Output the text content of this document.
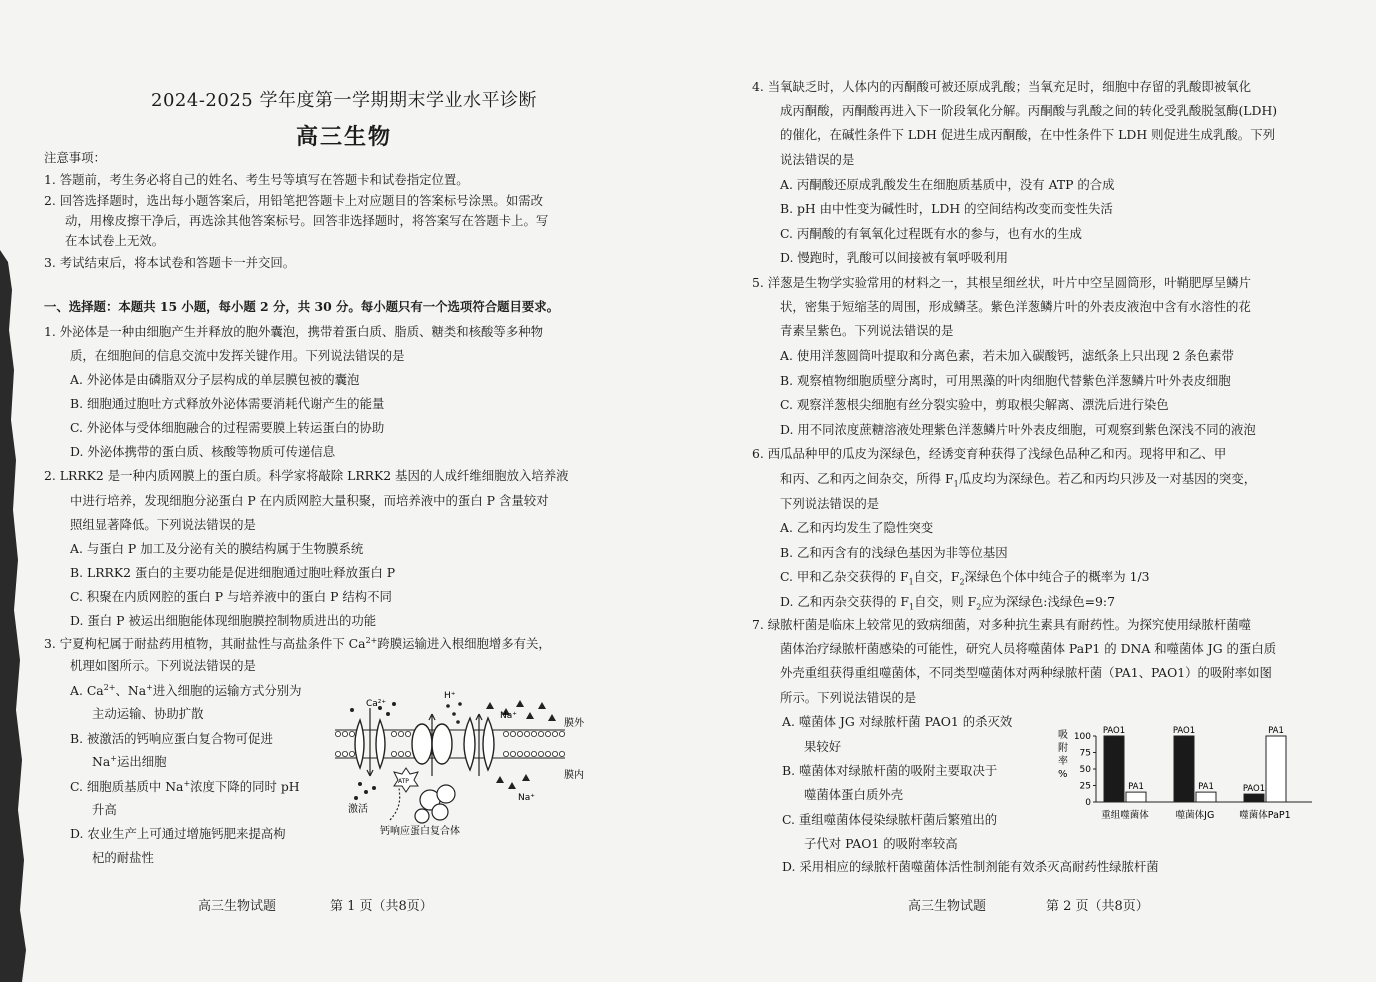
2024-2025 学年度第一学期期末学业水平诊断
高三生物
注意事项：
1. 答题前，考生务必将自己的姓名、考生号等填写在答题卡和试卷指定位置。
2. 回答选择题时，选出每小题答案后，用铅笔把答题卡上对应题目的答案标号涂黑。如需改
动，用橡皮擦干净后，再选涂其他答案标号。回答非选择题时，将答案写在答题卡上。写
在本试卷上无效。
3. 考试结束后，将本试卷和答题卡一并交回。
一、选择题：本题共 15 小题，每小题 2 分，共 30 分。每小题只有一个选项符合题目要求。
1. 外泌体是一种由细胞产生并释放的胞外囊泡，携带着蛋白质、脂质、糖类和核酸等多种物
质，在细胞间的信息交流中发挥关键作用。下列说法错误的是
A. 外泌体是由磷脂双分子层构成的单层膜包被的囊泡
B. 细胞通过胞吐方式释放外泌体需要消耗代谢产生的能量
C. 外泌体与受体细胞融合的过程需要膜上转运蛋白的协助
D. 外泌体携带的蛋白质、核酸等物质可传递信息
2. LRRK2 是一种内质网膜上的蛋白质。科学家将敲除 LRRK2 基因的人成纤维细胞放入培养液
中进行培养，发现细胞分泌蛋白 P 在内质网腔大量积聚，而培养液中的蛋白 P 含量较对
照组显著降低。下列说法错误的是
A. 与蛋白 P 加工及分泌有关的膜结构属于生物膜系统
B. LRRK2 蛋白的主要功能是促进细胞通过胞吐释放蛋白 P
C. 积聚在内质网腔的蛋白 P 与培养液中的蛋白 P 结构不同
D. 蛋白 P 被运出细胞能体现细胞膜控制物质进出的功能
3. 宁夏枸杞属于耐盐药用植物，其耐盐性与高盐条件下 $Ca^{2+}$跨膜运输进入根细胞增多有关，
机理如图所示。下列说法错误的是
A. $Ca^{2+}$、Na+进入细胞的运输方式分别为
主动运输、协助扩散
B. 被激活的钙响应蛋白复合物可促进
Na+运出细胞
C. 细胞质基质中 Na+浓度下降的同时 pH
升高
D. 农业生产上可通过增施钙肥来提高枸
杞的耐盐性
Ca²⁺
H⁺
Na⁺
膜外
膜内
ATP
Na⁺
激活
钙响应蛋白复合体
高三生物试题	第 1 页（共8页）
4. 当氧缺乏时，人体内的丙酮酸可被还原成乳酸；当氧充足时，细胞中存留的乳酸即被氧化
成丙酮酸，丙酮酸再进入下一阶段氧化分解。丙酮酸与乳酸之间的转化受乳酸脱氢酶(LDH)
的催化，在碱性条件下 LDH 促进生成丙酮酸，在中性条件下 LDH 则促进生成乳酸。下列
说法错误的是
A. 丙酮酸还原成乳酸发生在细胞质基质中，没有 ATP 的合成
B. pH 由中性变为碱性时，LDH 的空间结构改变而变性失活
C. 丙酮酸的有氧氧化过程既有水的参与，也有水的生成
D. 慢跑时，乳酸可以间接被有氧呼吸利用
5. 洋葱是生物学实验常用的材料之一，其根呈细丝状，叶片中空呈圆筒形，叶鞘肥厚呈鳞片
状，密集于短缩茎的周围，形成鳞茎。紫色洋葱鳞片叶的外表皮液泡中含有水溶性的花
青素呈紫色。下列说法错误的是
A. 使用洋葱圆筒叶提取和分离色素，若未加入碳酸钙，滤纸条上只出现 2 条色素带
B. 观察植物细胞质壁分离时，可用黑藻的叶肉细胞代替紫色洋葱鳞片叶外表皮细胞
C. 观察洋葱根尖细胞有丝分裂实验中，剪取根尖解离、漂洗后进行染色
D. 用不同浓度蔗糖溶液处理紫色洋葱鳞片叶外表皮细胞，可观察到紫色深浅不同的液泡
6. 西瓜品种甲的瓜皮为深绿色，经诱变育种获得了浅绿色品种乙和丙。现将甲和乙、甲
和丙、乙和丙之间杂交，所得 $F_1$瓜皮均为深绿色。若乙和丙均只涉及一对基因的突变，
下列说法错误的是
A. 乙和丙均发生了隐性突变
B. 乙和丙含有的浅绿色基因为非等位基因
C. 甲和乙杂交获得的 $F_1$自交，$F_2$深绿色个体中纯合子的概率为 1/3
D. 乙和丙杂交获得的 $F_1$自交，则 $F_2$应为深绿色:浅绿色=9:7
7. 绿脓杆菌是临床上较常见的致病细菌，对多种抗生素具有耐药性。为探究使用绿脓杆菌噬
菌体治疗绿脓杆菌感染的可能性，研究人员将噬菌体 PaP1 的 DNA 和噬菌体 JG 的蛋白质
外壳重组获得重组噬菌体，不同类型噬菌体对两种绿脓杆菌（PA1、PAO1）的吸附率如图
所示。下列说法错误的是
A. 噬菌体 JG 对绿脓杆菌 PAO1 的杀灭效
果较好
B. 噬菌体对绿脓杆菌的吸附主要取决于
噬菌体蛋白质外壳
C. 重组噬菌体侵染绿脓杆菌后繁殖出的
子代对 PAO1 的吸附率较高
D. 采用相应的绿脓杆菌噬菌体活性制剂能有效杀灭高耐药性绿脓杆菌
吸
附
率
%
0
25
50
75
100
PAO1
PA1
重组噬菌体
PAO1
PA1
噬菌体JG
PAO1
PA1
噬菌体PaP1
高三生物试题	第 2 页（共8页）
